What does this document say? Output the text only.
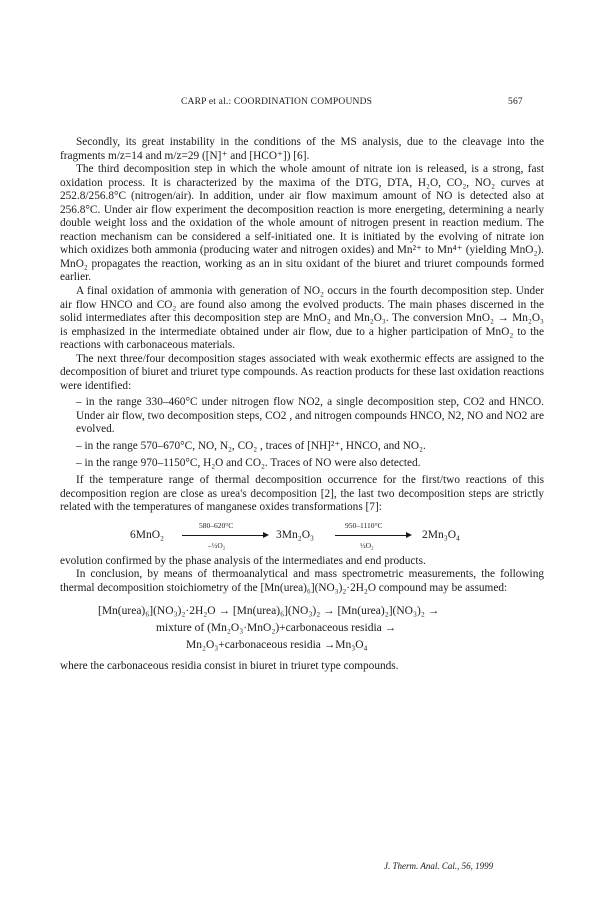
CARP et al.: COORDINATION COMPOUNDS	567

Secondly, its great instability in the conditions of the MS analysis, due to the cleavage into the fragments m/z=14 and m/z=29 ([N]⁺ and [HCO⁺]) [6].

The third decomposition step in which the whole amount of nitrate ion is released, is a strong, fast oxidation process. It is characterized by the maxima of the DTG, DTA, H₂O, CO₂, NO₂ curves at 252.8/256.8°C (nitrogen/air). In addition, under air flow maximum amount of NO is detected also at 256.8°C. Under air flow experiment the decomposition reaction is more energeting, determining a nearly double weight loss and the oxidation of the whole amount of nitrogen present in reaction medium. The reaction mechanism can be considered a self-initiated one. It is initiated by the evolving of nitrate ion which oxidizes both ammonia (producing water and nitrogen oxides) and Mn²⁺ to Mn⁴⁺ (yielding MnO₂). MnO₂ propagates the reaction, working as an in situ oxidant of the biuret and triuret compounds formed earlier.

A final oxidation of ammonia with generation of NO₂ occurs in the fourth decomposition step. Under air flow HNCO and CO₂ are found also among the evolved products. The main phases discerned in the solid intermediates after this decomposition step are MnO₂ and Mn₂O₃. The conversion MnO₂ → Mn₂O₃ is emphasized in the intermediate obtained under air flow, due to a higher participation of MnO₂ to the reactions with carbonaceous materials.

The next three/four decomposition stages associated with weak exothermic effects are assigned to the decomposition of biuret and triuret type compounds. As reaction products for these last oxidation reactions were identified:

– in the range 330–460°C under nitrogen flow NO2, a single decomposition step, CO2 and HNCO. Under air flow, two decomposition steps, CO2 , and nitrogen compounds HNCO, N2, NO and NO2 are evolved.

– in the range 570–670°C, NO, N₂, CO₂ , traces of [NH]²⁺, HNCO, and NO₂.

– in the range 970–1150°C, H₂O and CO₂. Traces of NO were also detected.

If the temperature range of thermal decomposition occurrence for the first/two reactions of this decomposition region are close as urea's decomposition [2], the last two decomposition steps are strictly related with the temperatures of manganese oxides transformations [7]:

6MnO₂
580–620°C
–½O₂
3Mn₂O₃
950–1110°C
½O₂
2Mn₃O₄

evolution confirmed by the phase analysis of the intermediates and end products.

In conclusion, by means of thermoanalytical and mass spectrometric measurements, the following thermal decomposition stoichiometry of the [Mn(urea)₆](NO₃)₂·2H₂O compound may be assumed:

[Mn(urea)₆](NO₃)₂·2H₂O → [Mn(urea)₆](NO₃)₂ → [Mn(urea)₂](NO₃)₂ →
mixture of (Mn₂O₃·MnO₂)+carbonaceous residia →
Mn₂O₃+carbonaceous residia →Mn₃O₄

where the carbonaceous residia consist in biuret in triuret type compounds.

J. Therm. Anal. Cal., 56, 1999
